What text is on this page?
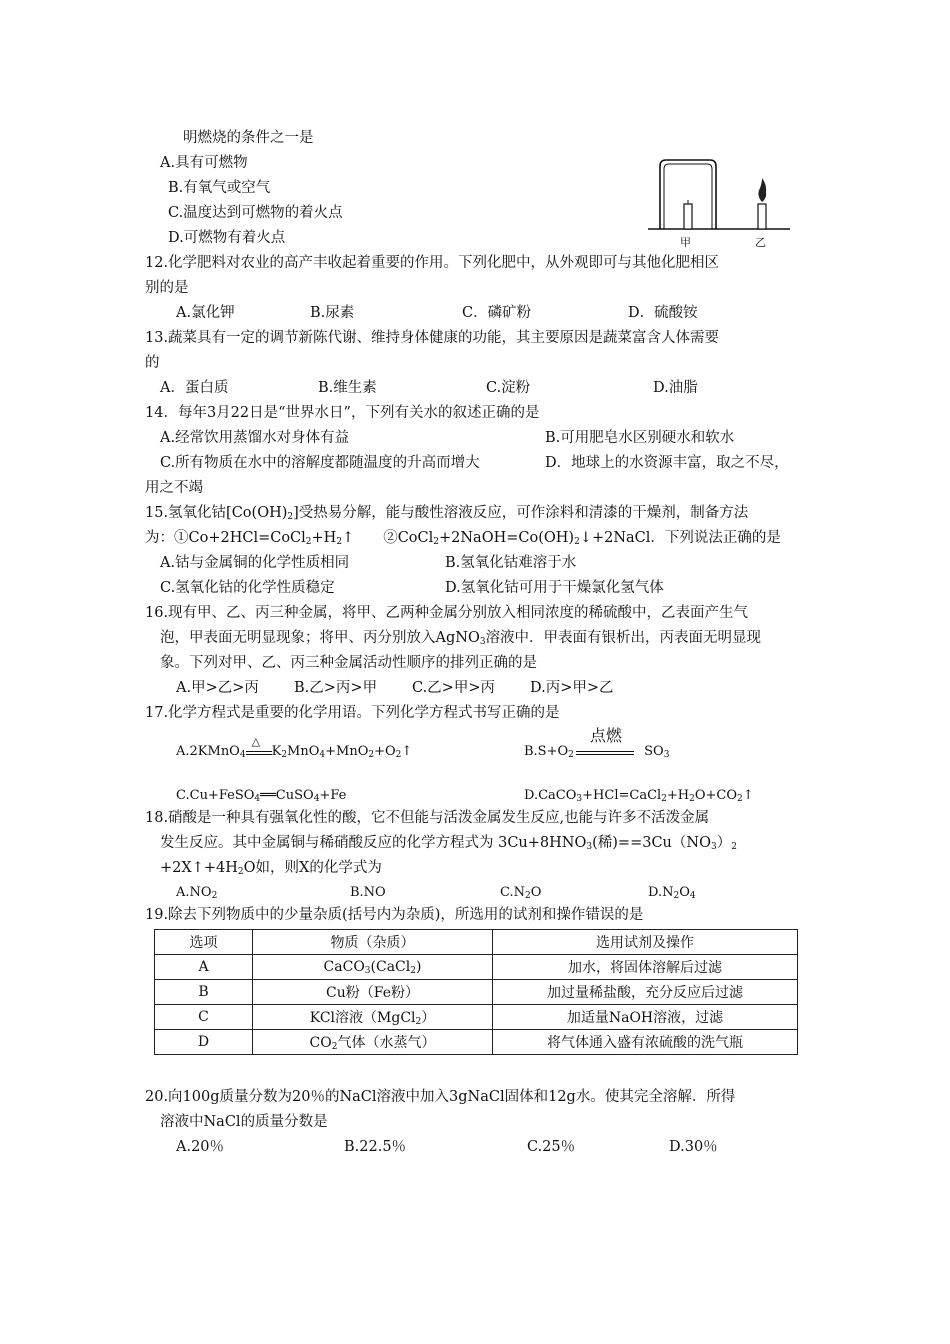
明燃烧的条件之一是
A.具有可燃物
B.有氧气或空气
C.温度达到可燃物的着火点
D.可燃物有着火点	甲	乙
12.化学肥料对农业的高产丰收起着重要的作用。下列化肥中，从外观即可与其他化肥相区
别的是
A.氯化钾	B.尿素	C．磷矿粉	D．硫酸铵
13.蔬菜具有一定的调节新陈代谢、维持身体健康的功能，其主要原因是蔬菜富含人体需要
的
A．蛋白质	B.维生素	C.淀粉	D.油脂
14．每年3月22日是“世界水日”，下列有关水的叙述正确的是
A.经常饮用蒸馏水对身体有益	B.可用肥皂水区别硬水和软水
C.所有物质在水中的溶解度都随温度的升高而增大	D．地球上的水资源丰富，取之不尽，
用之不竭
15.氢氧化钴$[Co(OH)_2]$受热易分解，能与酸性溶液反应，可作涂料和清漆的干燥剂，制备方法
为：$①Co+2HCl=CoCl_2+H_2↑$　　$②CoCl_2+2NaOH=Co(OH)_2↓+2NaCl$．下列说法正确的是
A.钴与金属铜的化学性质相同	B.氢氧化钴难溶于水
C.氢氧化钴的化学性质稳定	D.氢氧化钴可用于干燥氯化氢气体
16.现有甲、乙、丙三种金属，将甲、乙两种金属分别放入相同浓度的稀硫酸中，乙表面产生气
泡，甲表面无明显现象；将甲、丙分别放入AgNO$_3$溶液中．甲表面有银析出，丙表面无明显现
象。下列对甲、乙、丙三种金属活动性顺序的排列正确的是
A.甲>乙>丙 B.乙>丙>甲 C.乙>甲>丙 D.丙>甲>乙
17.化学方程式是重要的化学用语。下列化学方程式书写正确的是
A.2KMnO$_4$
△
$K_2MnO_4+MnO_2+O_2↑$	$B.S+O_2$
点燃
$SO_3$
C.Cu+FeSO$_4$══CuSO$_4$+Fe	$D.CaCO_3+HCl=CaCl_2+H_2O+CO_2↑$
18.硝酸是一种具有强氧化性的酸，它不但能与活泼金属发生反应,也能与许多不活泼金属
发生反应。其中金属铜与稀硝酸反应的化学方程式为 $3Cu+8HNO_3$(稀)$==3Cu(NO_3)_2$
$+2X↑+4H_2O$如，则X的化学式为
$A.NO_2$	B.NO	$C.N_2O$	$D.N_2O_4$
19.除去下列物质中的少量杂质(括号内为杂质)，所选用的试剂和操作错误的是
选项	物质（杂质）	选用试剂及操作
A	CaCO$_3$(CaCl$_2$)	加水，将固体溶解后过滤
B	Cu粉（Fe粉）	加过量稀盐酸，充分反应后过滤
C	KCl溶液（MgCl$_2$）	加适量NaOH溶液，过滤
D	$CO_2$气体（水蒸气）	将气体通入盛有浓硫酸的洗气瓶
20.向100g质量分数为20％的NaCl溶液中加入3gNaCl固体和12g水。使其完全溶解．所得
溶液中NaCl的质量分数是
A.20％	B.22.5％	C.25％	D.30％
